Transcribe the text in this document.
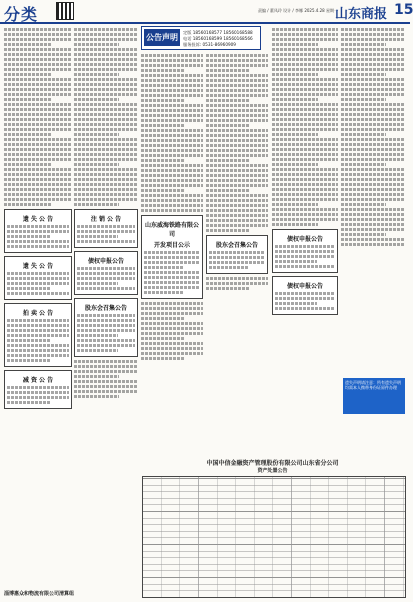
分类	责编 / 董凤玲 设计 / 李娜 2025.4.28 星期一
山东商报 15
公告声明
定版 18560168577 18560168588
电话 18560168599 18560168566
服务投诉: 0531-86960909
遗 失 公 告
遗 失 公 告
拍 卖 公 告
减 资 公 告
注 销 公 告
债权申报公告
股东会召集公告
山东威海铁路有限公司
开发项目公示	股东会召集公告
债权申报公告
债权申报公告
遗失声明请注意：所有遗失声明均需本人携带身份证原件办理
中国中信金融资产管理股份有限公司山东省分公司
资产处置公告
淄博惠众和物流有限公司清算组
